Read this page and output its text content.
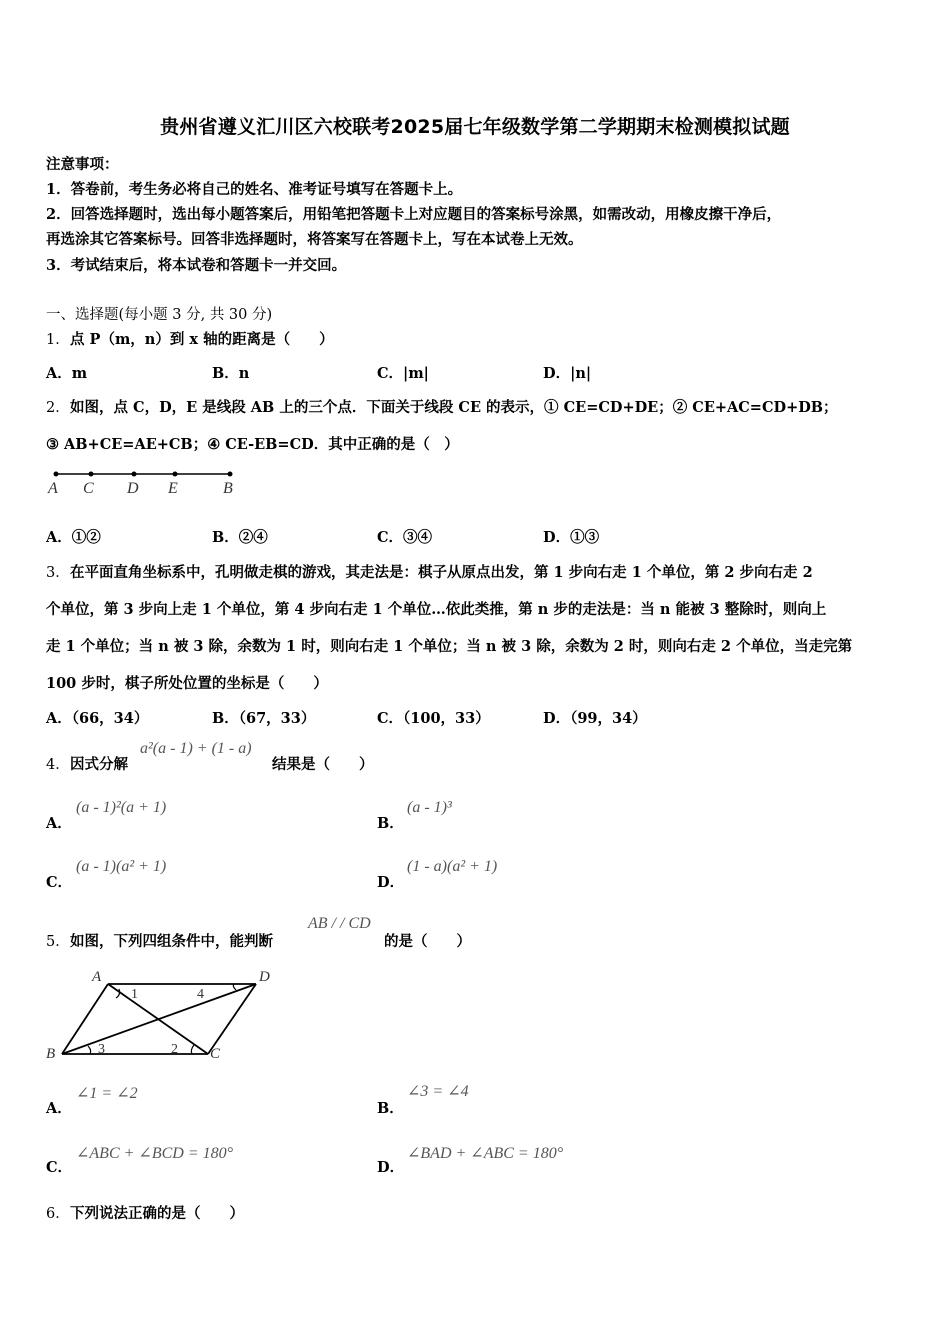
贵州省遵义汇川区六校联考2025届七年级数学第二学期期末检测模拟试题
注意事项：
1．答卷前，考生务必将自己的姓名、准考证号填写在答题卡上。
2．回答选择题时，选出每小题答案后，用铅笔把答题卡上对应题目的答案标号涂黑，如需改动，用橡皮擦干净后，
再选涂其它答案标号。回答非选择题时，将答案写在答题卡上，写在本试卷上无效。
3．考试结束后，将本试卷和答题卡一并交回。
一、选择题(每小题 3 分, 共 30 分)
1． 点 P（m，n）到 x 轴的距离是（　　）
A．m	B．n	C．|m|	D．|n|
2． 如图，点 C，D，E 是线段 AB 上的三个点．下面关于线段 CE 的表示，① CE=CD+DE；② CE+AC=CD+DB；
③ AB+CE=AE+CB；④ CE-EB=CD．其中正确的是（　）
A C D E	B
A．①②	B．②④	C．③④	D．①③
3． 在平面直角坐标系中，孔明做走棋的游戏，其走法是：棋子从原点出发，第 1 步向右走 1 个单位，第 2 步向右走 2
个单位，第 3 步向上走 1 个单位，第 4 步向右走 1 个单位…依此类推，第 n 步的走法是：当 n 能被 3 整除时，则向上
走 1 个单位；当 n 被 3 除，余数为 1 时，则向右走 1 个单位；当 n 被 3 除，余数为 2 时，则向右走 2 个单位，当走完第
100 步时，棋子所处位置的坐标是（　　）
A．（66，34）	B．（67，33）	C．（100，33）	D．（99，34）
4． 因式分解
a²(a - 1) + (1 - a)
结果是（　　）
A．
(a - 1)²(a + 1)
B．
(a - 1)³
C．
(a - 1)(a² + 1)
D．
(1 - a)(a² + 1)
5． 如图，下列四组条件中，能判断
AB / / CD
的是（　　）
A	D
B	C
1	4
3	2
A．
∠1 = ∠2
B．
∠3 = ∠4
C．
∠ABC + ∠BCD = 180°
D．
∠BAD + ∠ABC = 180°
6． 下列说法正确的是（　　）
